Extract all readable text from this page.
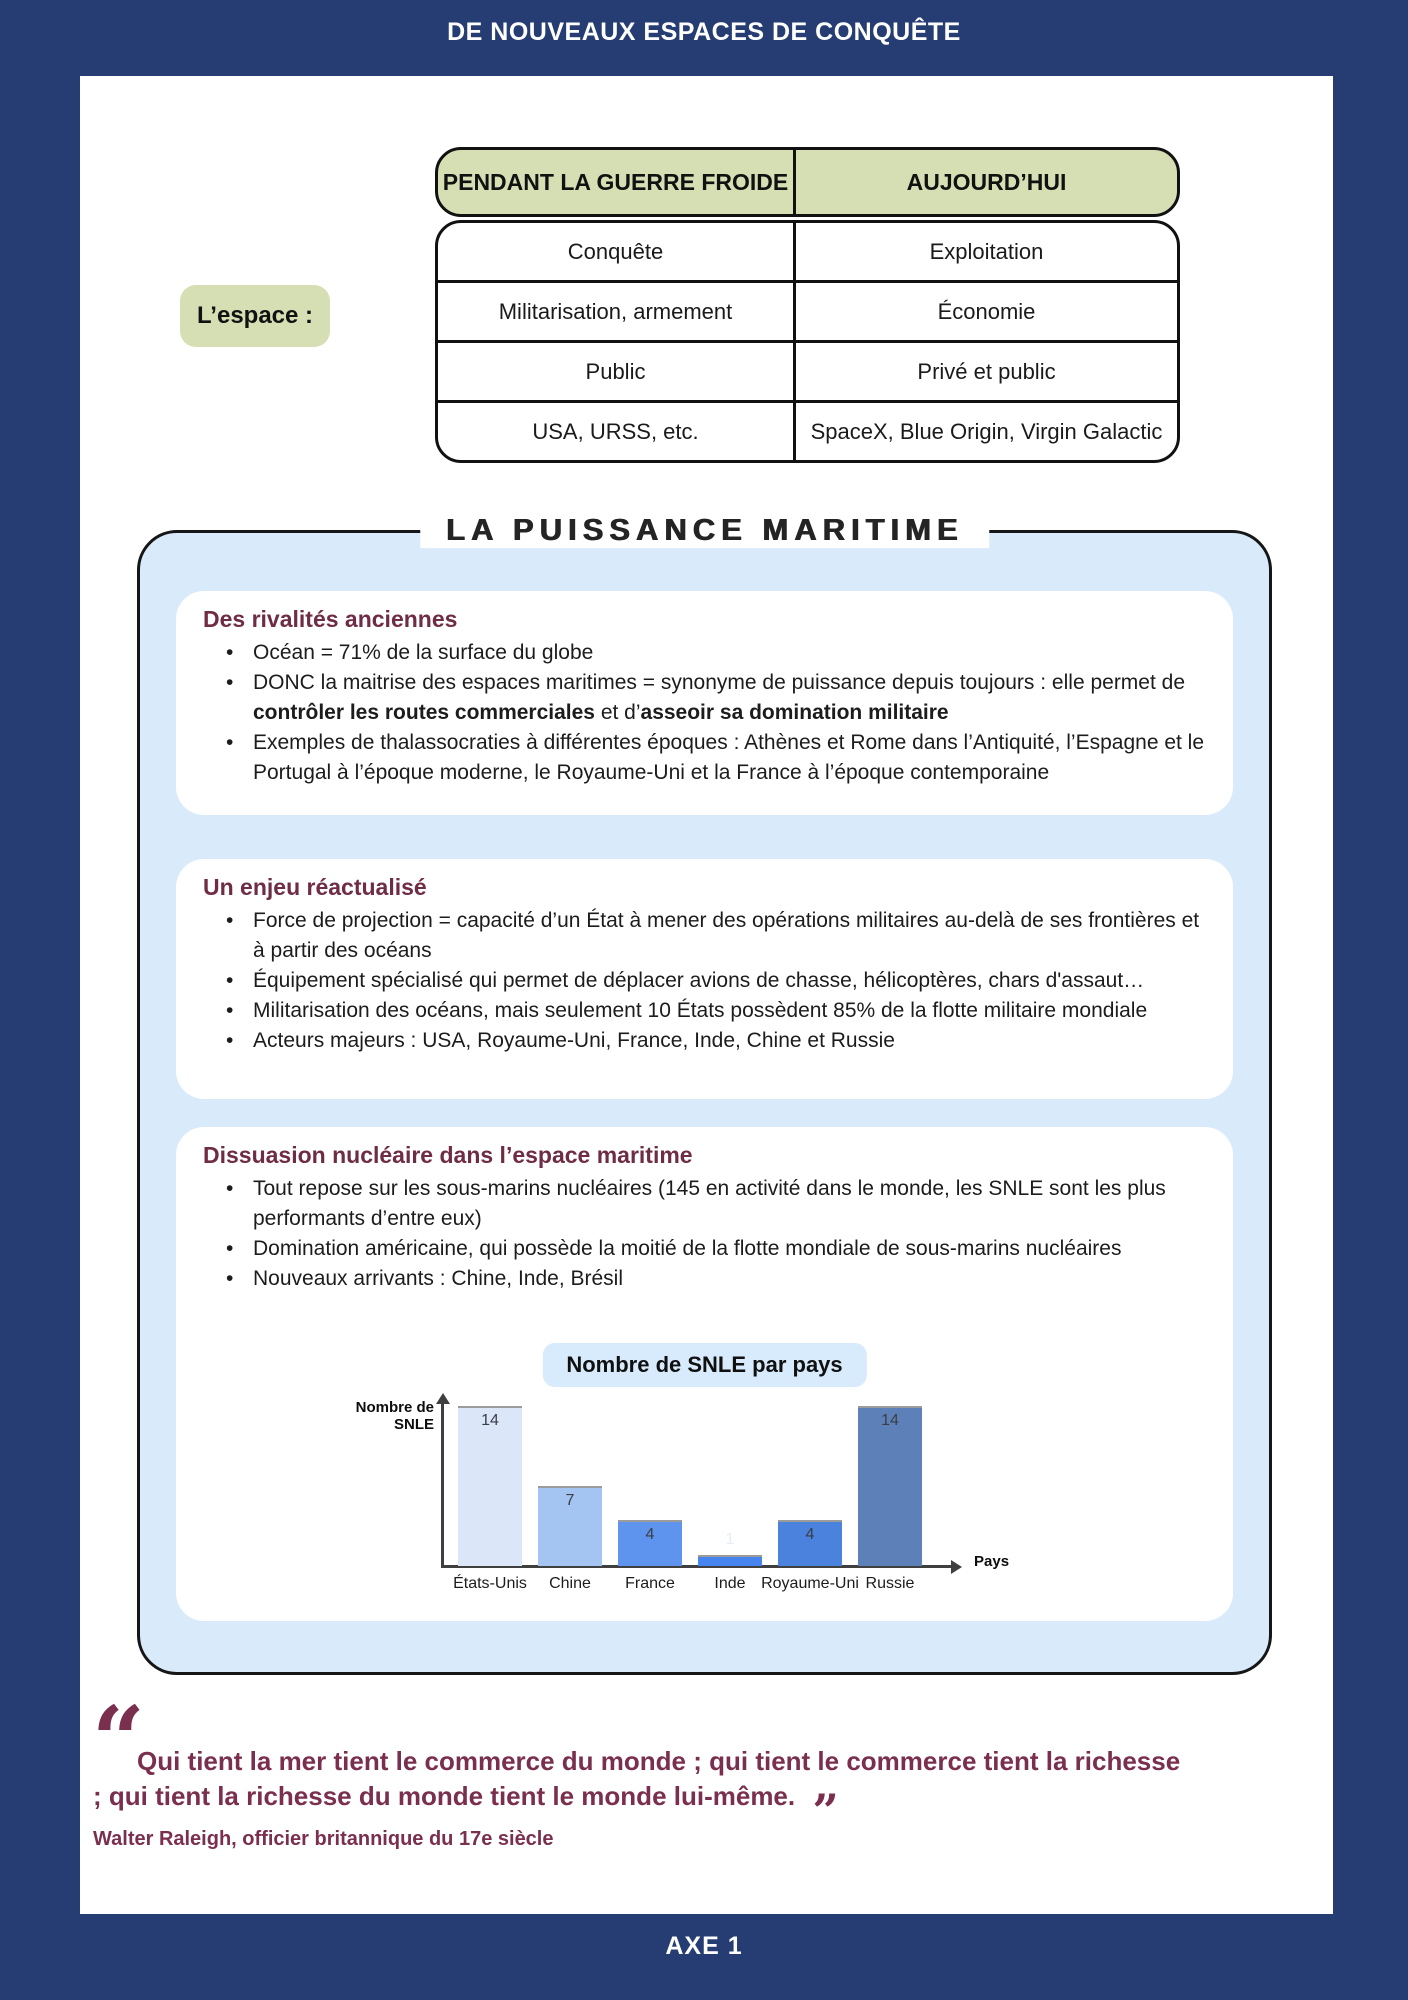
DE NOUVEAUX ESPACES DE CONQUÊTE
L’espace :
PENDANT LA GUERRE FROIDE	AUJOURD’HUI
Conquête	Exploitation
Militarisation, armement	Économie
Public	Privé et public
USA, URSS, etc.	SpaceX, Blue Origin, Virgin Galactic
LA PUISSANCE MARITIME
Des rivalités anciennes
• Océan = 71% de la surface du globe
• DONC la maitrise des espaces maritimes = synonyme de puissance depuis toujours : elle permet de contrôler les routes commerciales et d’asseoir sa domination militaire
• Exemples de thalassocraties à différentes époques : Athènes et Rome dans l’Antiquité, l’Espagne et le Portugal à l’époque moderne, le Royaume-Uni et la France à l’époque contemporaine
Un enjeu réactualisé
• Force de projection = capacité d’un État à mener des opérations militaires au-delà de ses frontières et à partir des océans
• Équipement spécialisé qui permet de déplacer avions de chasse, hélicoptères, chars d'assaut…
• Militarisation des océans, mais seulement 10 États possèdent 85% de la flotte militaire mondiale
• Acteurs majeurs : USA, Royaume-Uni, France, Inde, Chine et Russie
Dissuasion nucléaire dans l’espace maritime
• Tout repose sur les sous-marins nucléaires (145 en activité dans le monde, les SNLE sont les plus performants d’entre eux)
• Domination américaine, qui possède la moitié de la flotte mondiale de sous-marins nucléaires
• Nouveaux arrivants : Chine, Inde, Brésil
Nombre de SNLE par pays
Nombre de SNLE
Pays
14
États-Unis
7
Chine
4
France
1
Inde
4
Royaume-Uni
14
Russie
“

Qui tient la mer tient le commerce du monde ; qui tient le commerce tient la richesse ; qui tient la richesse du monde tient le monde lui-même. ”

Walter Raleigh, officier britannique du 17e siècle

AXE 1
